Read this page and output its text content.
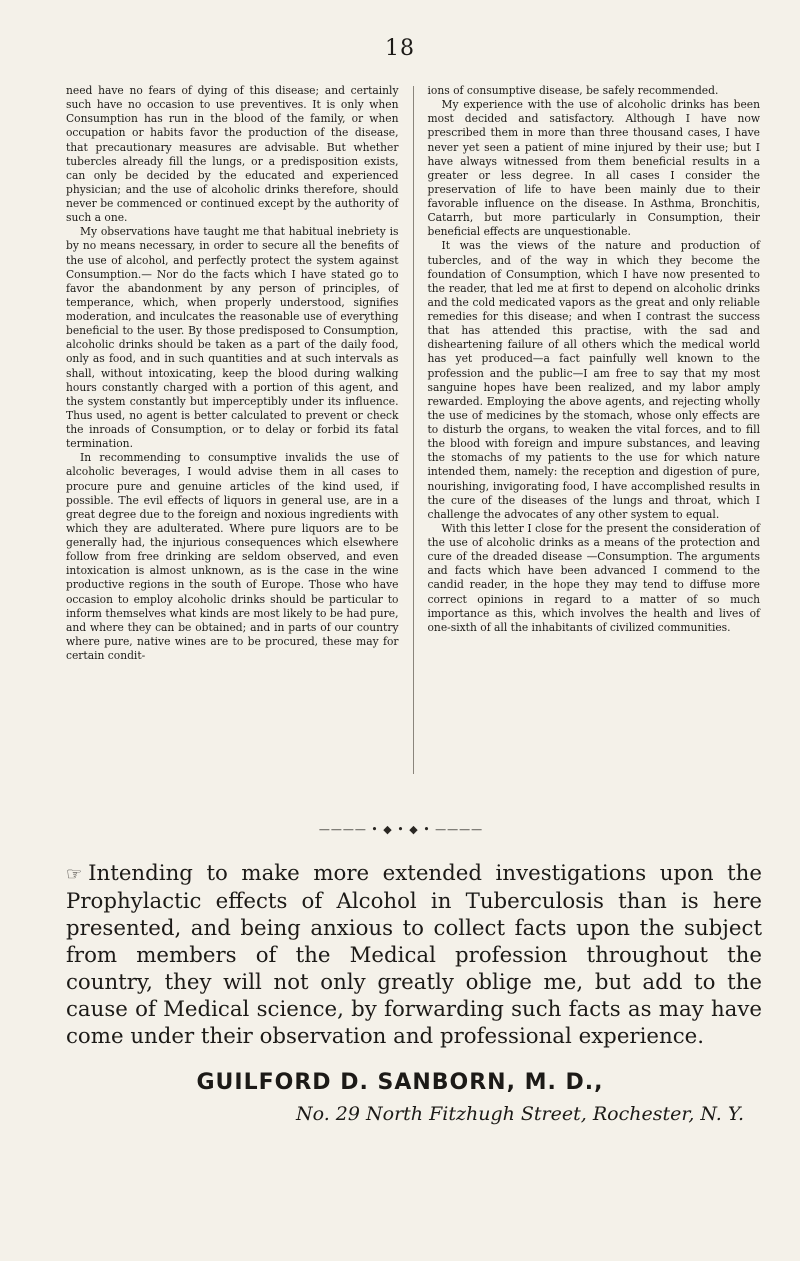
18

need have no fears of dying of this disease; and certainly such have no occasion to use preventives. It is only when Consumption has run in the blood of the family, or when occupation or habits favor the production of the disease, that precautionary measures are advisable. But whether tubercles already fill the lungs, or a predisposition exists, can only be decided by the educated and experienced physician; and the use of alcoholic drinks therefore, should never be commenced or continued except by the authority of such a one.

My observations have taught me that habitual inebriety is by no means necessary, in order to secure all the benefits of the use of alcohol, and perfectly protect the system against Consumption.— Nor do the facts which I have stated go to favor the abandonment by any person of principles, of temperance, which, when properly understood, signifies moderation, and inculcates the reasonable use of everything beneficial to the user. By those predisposed to Consumption, alcoholic drinks should be taken as a part of the daily food, only as food, and in such quantities and at such intervals as shall, without intoxicating, keep the blood during walking hours constantly charged with a portion of this agent, and the system constantly but imperceptibly under its influence. Thus used, no agent is better calculated to prevent or check the inroads of Consumption, or to delay or forbid its fatal termination.

In recommending to consumptive invalids the use of alcoholic beverages, I would advise them in all cases to procure pure and genuine articles of the kind used, if possible. The evil effects of liquors in general use, are in a great degree due to the foreign and noxious ingredients with which they are adulterated. Where pure liquors are to be generally had, the injurious consequences which elsewhere follow from free drinking are seldom observed, and even intoxication is almost unknown, as is the case in the wine productive regions in the south of Europe. Those who have occasion to employ alcoholic drinks should be particular to inform themselves what kinds are most likely to be had pure, and where they can be obtained; and in parts of our country where pure, native wines are to be procured, these may for certain condit-

ions of consumptive disease, be safely recommended.

My experience with the use of alcoholic drinks has been most decided and satisfactory. Although I have now prescribed them in more than three thousand cases, I have never yet seen a patient of mine injured by their use; but I have always witnessed from them beneficial results in a greater or less degree. In all cases I consider the preservation of life to have been mainly due to their favorable influence on the disease. In Asthma, Bronchitis, Catarrh, but more particularly in Consumption, their beneficial effects are unquestionable.

It was the views of the nature and production of tubercles, and of the way in which they become the foundation of Consumption, which I have now presented to the reader, that led me at first to depend on alcoholic drinks and the cold medicated vapors as the great and only reliable remedies for this disease; and when I contrast the success that has attended this practise, with the sad and disheartening failure of all others which the medical world has yet produced—a fact painfully well known to the profession and the public—I am free to say that my most sanguine hopes have been realized, and my labor amply rewarded. Employing the above agents, and rejecting wholly the use of medicines by the stomach, whose only effects are to disturb the organs, to weaken the vital forces, and to fill the blood with foreign and impure substances, and leaving the stomachs of my patients to the use for which nature intended them, namely: the reception and digestion of pure, nourishing, invigorating food, I have accomplished results in the cure of the diseases of the lungs and throat, which I challenge the advocates of any other system to equal.

With this letter I close for the present the consideration of the use of alcoholic drinks as a means of the protection and cure of the dreaded disease —Consumption. The arguments and facts which have been advanced I commend to the candid reader, in the hope they may tend to diffuse more correct opinions in regard to a matter of so much importance as this, which involves the health and lives of one-sixth of all the inhabitants of civilized communities.

———— • ◆ • ◆ • ————
☞ Intending to make more extended investigations upon the Prophylactic effects of Alcohol in Tuberculosis than is here presented, and being anxious to collect facts upon the subject from members of the Medical profession throughout the country, they will not only greatly oblige me, but add to the cause of Medical science, by forwarding such facts as may have come under their observation and professional experience.
GUILFORD D. SANBORN, M. D.,
No. 29 North Fitzhugh Street, Rochester, N. Y.
